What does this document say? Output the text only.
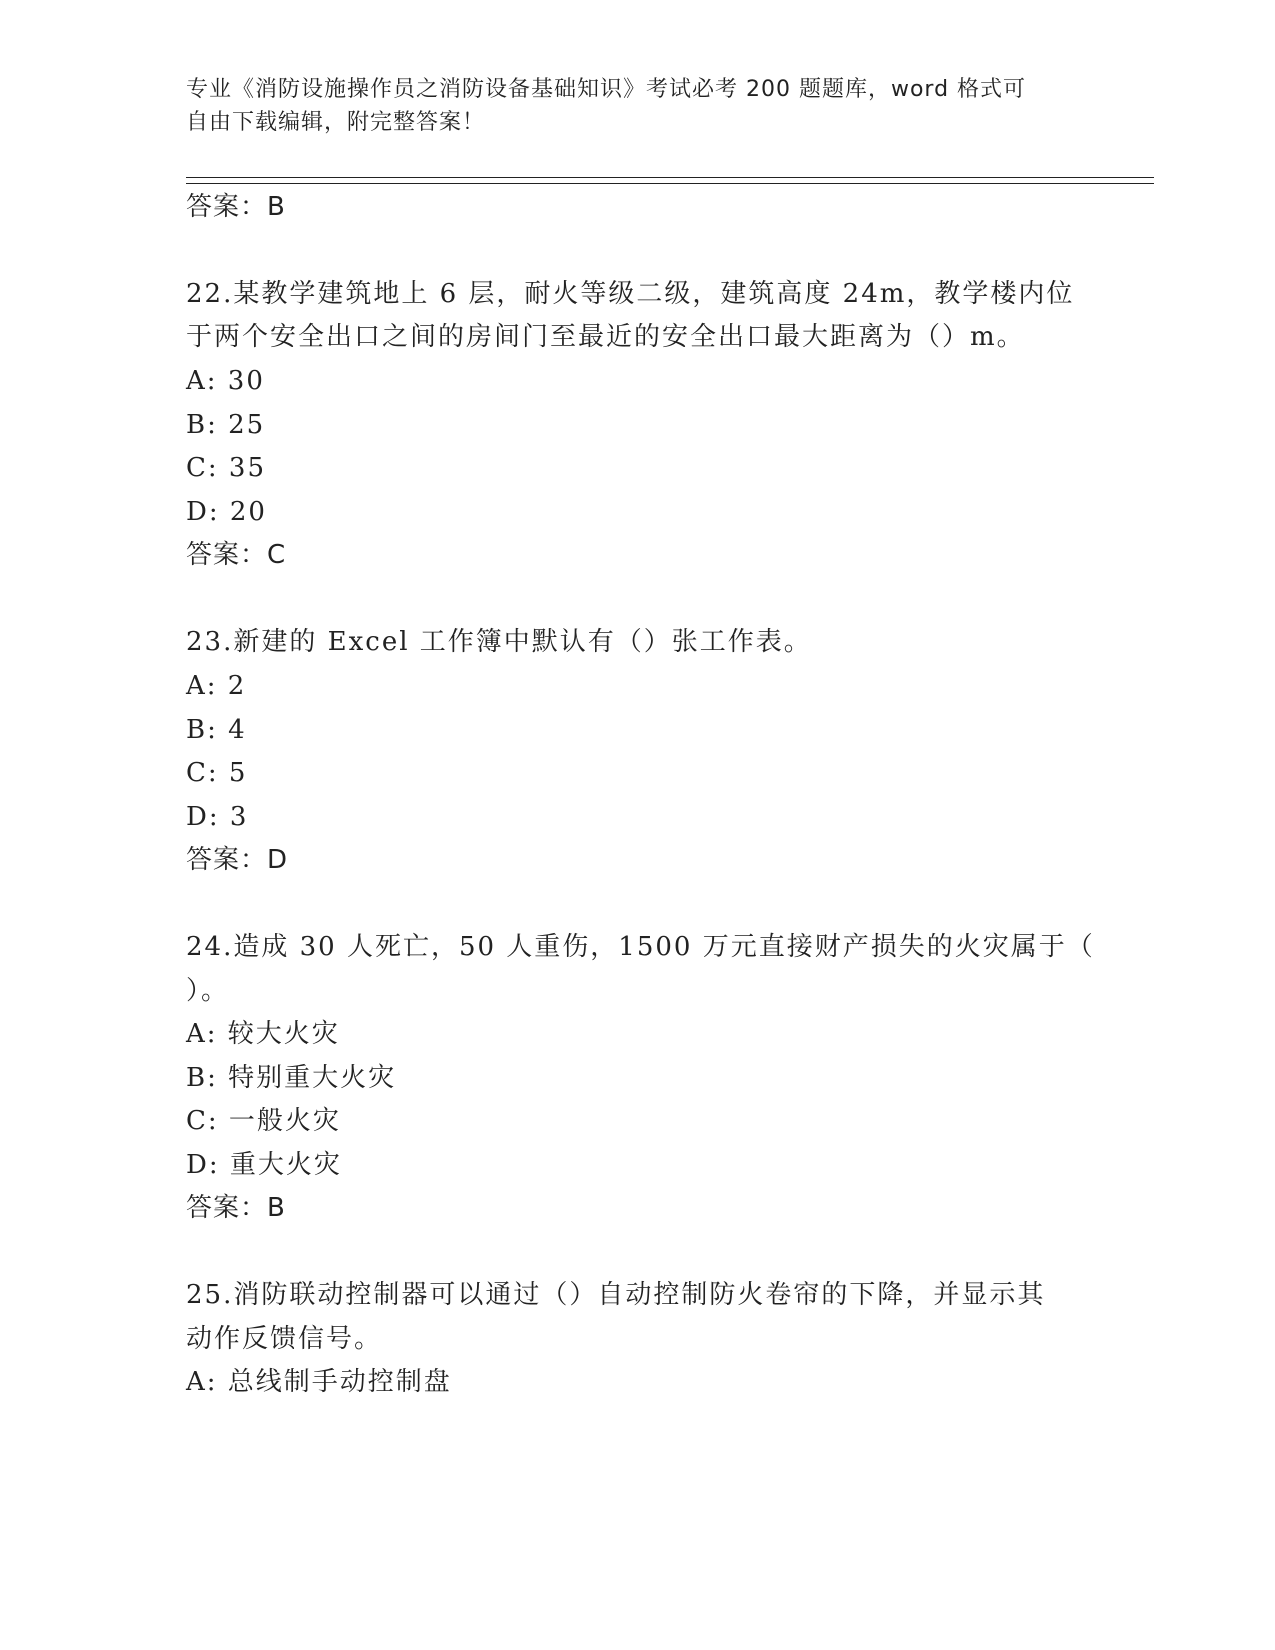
专业《消防设施操作员之消防设备基础知识》考试必考 200 题题库，word 格式可
自由下载编辑，附完整答案！
答案：B
22.某教学建筑地上 6 层，耐火等级二级，建筑高度 24m，教学楼内位
于两个安全出口之间的房间门至最近的安全出口最大距离为（）m。
A: 30
B: 25
C: 35
D: 20
答案：C
23.新建的 Excel 工作簿中默认有（）张工作表。
A: 2
B: 4
C: 5
D: 3
答案：D
24.造成 30 人死亡，50 人重伤，1500 万元直接财产损失的火灾属于（
）。
A: 较大火灾
B: 特别重大火灾
C: 一般火灾
D: 重大火灾
答案：B
25.消防联动控制器可以通过（）自动控制防火卷帘的下降，并显示其
动作反馈信号。
A: 总线制手动控制盘
